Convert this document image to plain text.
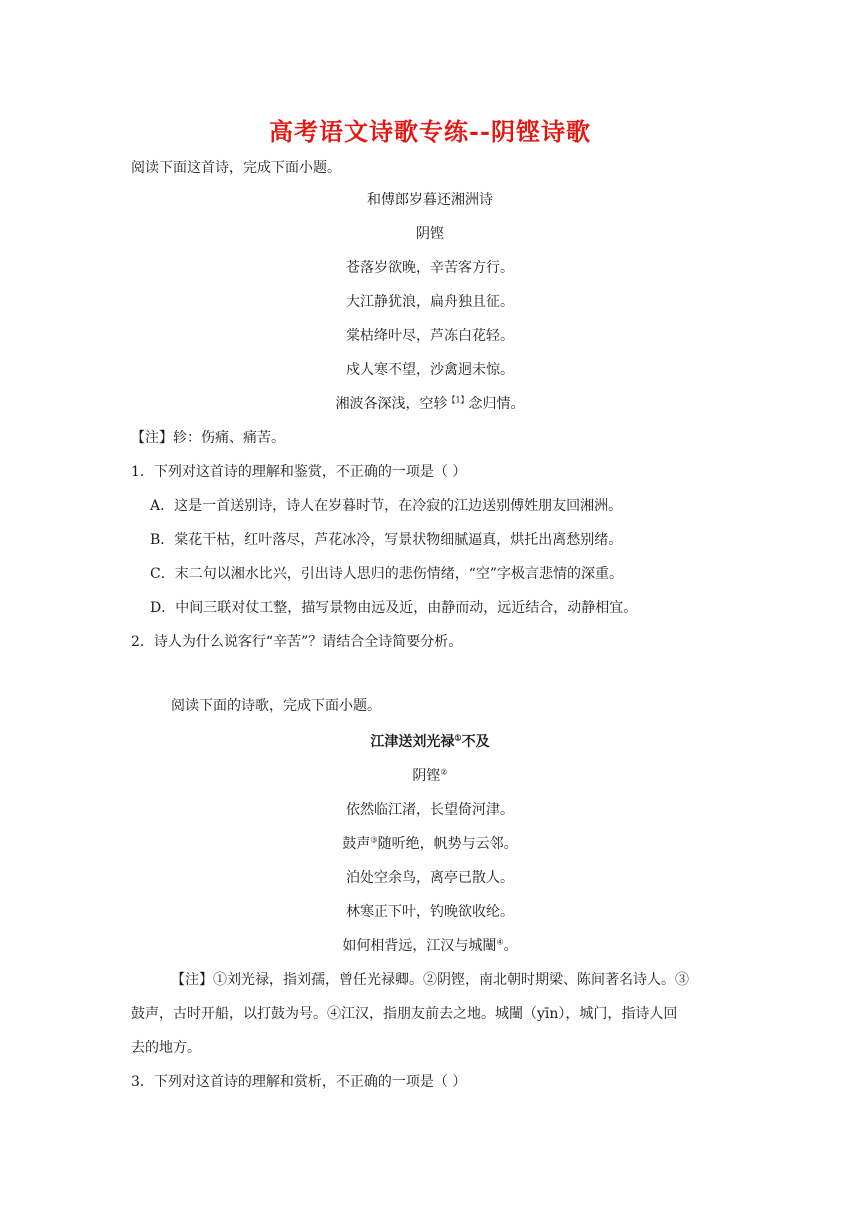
高考语文诗歌专练--阴铿诗歌
阅读下面这首诗，完成下面小题。
和傅郎岁暮还湘洲诗
阴铿
苍落岁欲晚，辛苦客方行。
大江静犹浪，扁舟独且征。
棠枯绛叶尽，芦冻白花轻。
戍人寒不望，沙禽迥未惊。
湘波各深浅，空轸$^{【1】}$念归情。
【注】轸：伤痛、痛苦。
1．下列对这首诗的理解和鉴赏，不正确的一项是（ ）
A．这是一首送别诗，诗人在岁暮时节，在冷寂的江边送别傅姓朋友回湘洲。
B．棠花干枯，红叶落尽，芦花冰冷，写景状物细腻逼真，烘托出离愁别绪。
C．末二句以湘水比兴，引出诗人思归的悲伤情绪，“空”字极言悲情的深重。
D．中间三联对仗工整，描写景物由远及近，由静而动，远近结合，动静相宜。
2．诗人为什么说客行“辛苦”？请结合全诗简要分析。
阅读下面的诗歌，完成下面小题。
江津送刘光禄①不及
阴铿②
依然临江渚，长望倚河津。
鼓声③随听绝，帆势与云邻。
泊处空余鸟，离亭已散人。
林寒正下叶，钓晚欲收纶。
如何相背远，江汉与城闉④。
【注】①刘光禄，指刘孺，曾任光禄卿。②阴铿，南北朝时期梁、陈间著名诗人。③
鼓声，古时开船，以打鼓为号。④江汉，指朋友前去之地。城闉（yīn），城门，指诗人回
去的地方。
3．下列对这首诗的理解和赏析，不正确的一项是（ ）
